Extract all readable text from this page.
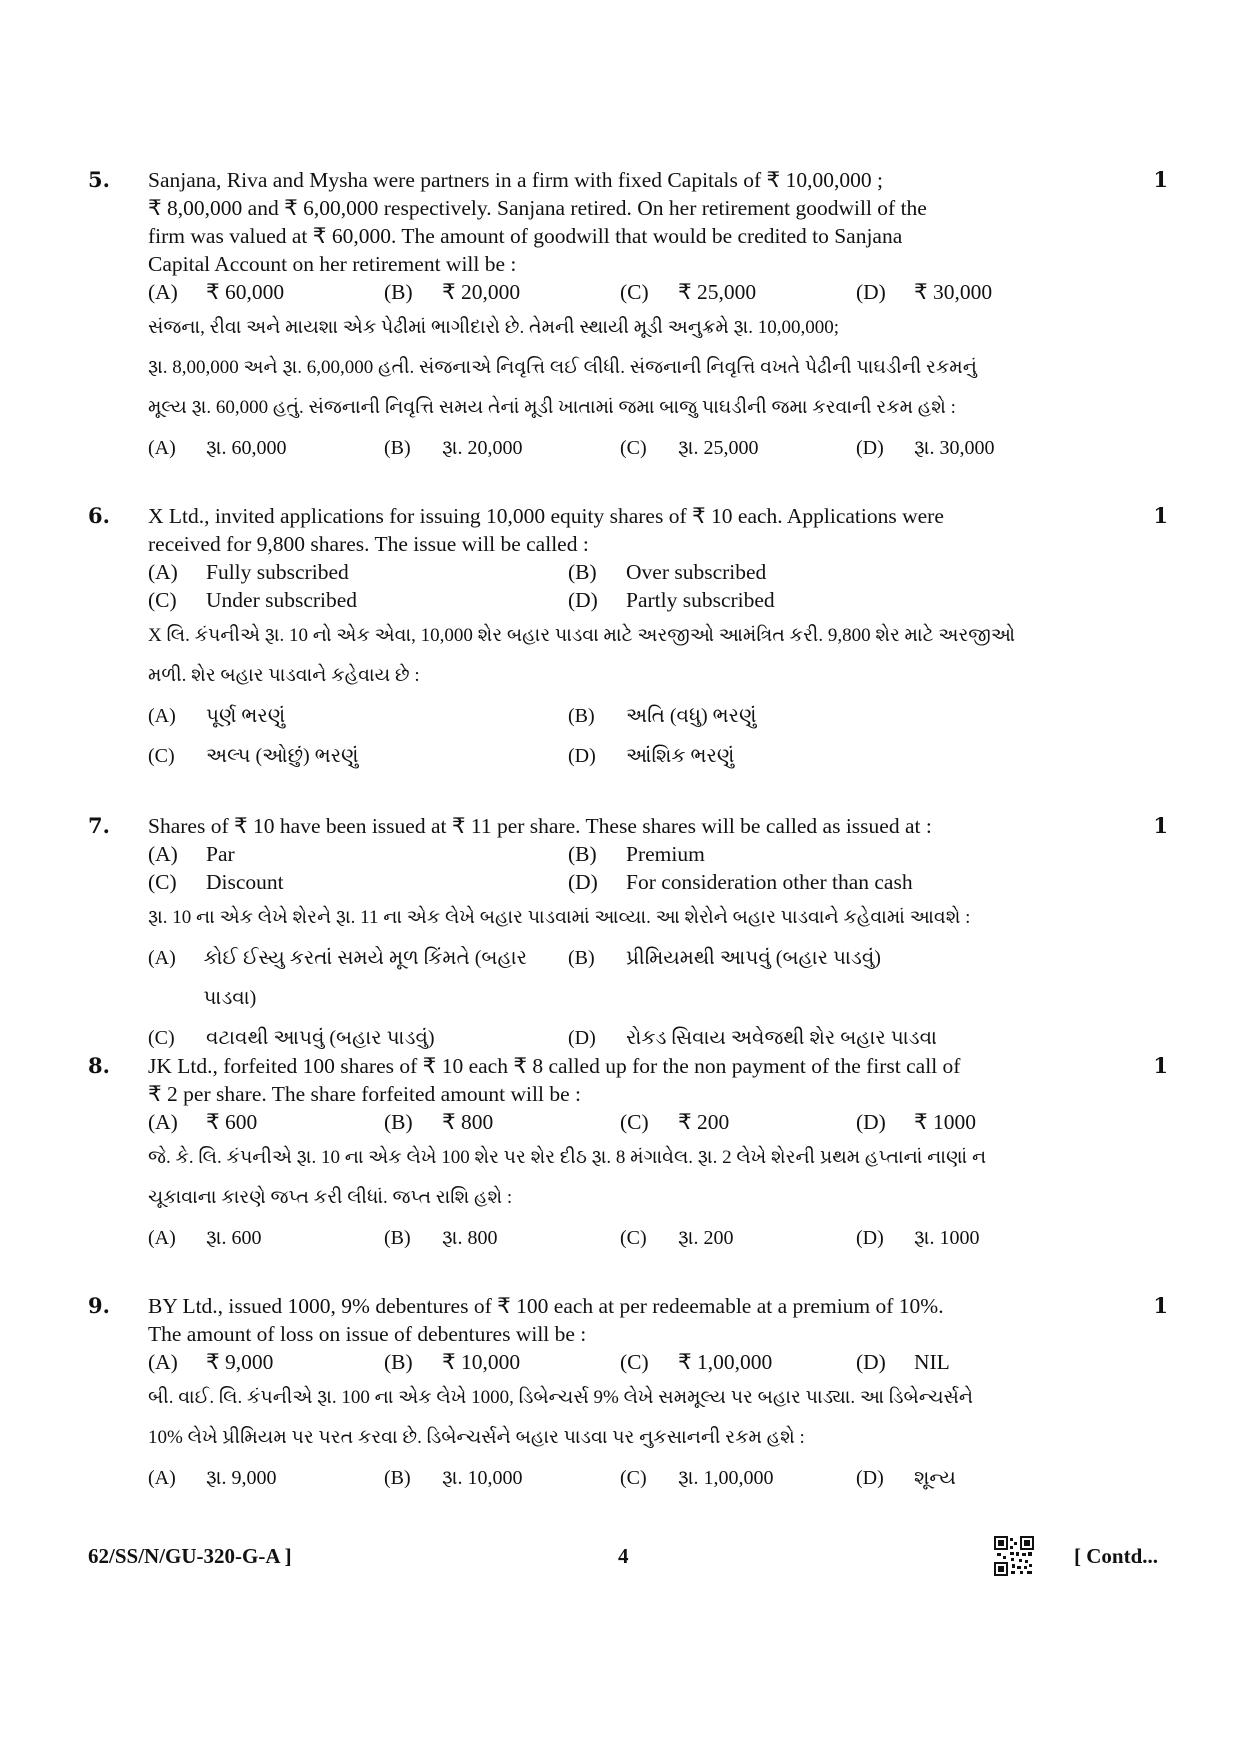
5.	1
Sanjana, Riva and Mysha were partners in a firm with fixed Capitals of ₹ 10,00,000 ;
₹ 8,00,000 and ₹ 6,00,000 respectively. Sanjana retired. On her retirement goodwill of the
firm was valued at ₹ 60,000. The amount of goodwill that would be credited to Sanjana
Capital Account on her retirement will be :
(A)	₹ 60,000	(B)	₹ 20,000	(C)	₹ 25,000	(D)	₹ 30,000
સંજના, રીવા અને માયશા એક પેઢીમાં ભાગીદારો છે. તેમની સ્થાયી મૂડી અનુક્રમે રૂા. 10,00,000;
રૂા. 8,00,000 અને રૂા. 6,00,000 હતી. સંજનાએ નિવૃત્તિ લઈ લીધી. સંજનાની નિવૃત્તિ વખતે પેઢીની પાઘડીની રકમનું
મૂલ્ય રૂા. 60,000 હતું. સંજનાની નિવૃત્તિ સમય તેનાં મૂડી ખાતામાં જમા બાજુ પાઘડીની જમા કરવાની રકમ હશે :
(A)	રૂા. 60,000	(B)	રૂા. 20,000	(C)	રૂા. 25,000	(D)	રૂા. 30,000
6.	1
X Ltd., invited applications for issuing 10,000 equity shares of ₹ 10 each. Applications were
received for 9,800 shares. The issue will be called :
(A)	Fully subscribed	(B)	Over subscribed
(C)	Under subscribed	(D)	Partly subscribed
X લિ. કંપનીએ રૂા. 10 નો એક એવા, 10,000 શેર બહાર પાડવા માટે અરજીઓ આમંત્રિત કરી. 9,800 શેર માટે અરજીઓ
મળી. શેર બહાર પાડવાને કહેવાય છે :
(A)	પૂર્ણ ભરણું	(B)	અતિ (વધુ) ભરણું
(C)	અલ્પ (ઓછું) ભરણું	(D)	આંશિક ભરણું
7.	1
Shares of ₹ 10 have been issued at ₹ 11 per share. These shares will be called as issued at :
(A)	Par	(B)	Premium
(C)	Discount	(D)	For consideration other than cash
રૂા. 10 ના એક લેખે શેરને રૂા. 11 ના એક લેખે બહાર પાડવામાં આવ્યા. આ શેરોને બહાર પાડવાને કહેવામાં આવશે :
(A)	કોઈ ઈસ્યુ કરતાં સમયે મૂળ કિંમતે (બહાર પાડવા)
(B)	પ્રીમિયમથી આપવું (બહાર પાડવું)
(C)	વટાવથી આપવું (બહાર પાડવું)	(D)	રોકડ સિવાય અવેજથી શેર બહાર પાડવા
8.	1
JK Ltd., forfeited 100 shares of ₹ 10 each ₹ 8 called up for the non payment of the first call of
₹ 2 per share. The share forfeited amount will be :
(A)	₹ 600	(B)	₹ 800	(C)	₹ 200	(D)	₹ 1000
જે. કે. લિ. કંપનીએ રૂા. 10 ના એક લેખે 100 શેર પર શેર દીઠ રૂા. 8 મંગાવેલ. રૂા. 2 લેખે શેરની પ્રથમ હપ્તાનાં નાણાં ન
ચૂકાવાના કારણે જપ્ત કરી લીધાં. જપ્ત રાશિ હશે :
(A)	રૂા. 600	(B)	રૂા. 800	(C)	રૂા. 200	(D)	રૂા. 1000
9.	1
BY Ltd., issued 1000, 9% debentures of ₹ 100 each at per redeemable at a premium of 10%.
The amount of loss on issue of debentures will be :
(A)	₹ 9,000	(B)	₹ 10,000	(C)	₹ 1,00,000	(D)	NIL
બી. વાઈ. લિ. કંપનીએ રૂા. 100 ના એક લેખે 1000, ડિબેન્ચર્સ 9% લેખે સમમૂલ્ય પર બહાર પાડ્યા. આ ડિબેન્ચર્સને
10% લેખે પ્રીમિયમ પર પરત કરવા છે. ડિબેન્ચર્સને બહાર પાડવા પર નુકસાનની રકમ હશે :
(A)	રૂા. 9,000	(B)	રૂા. 10,000	(C)	રૂા. 1,00,000	(D)	શૂન્ય
62/SS/N/GU-320-G-A ]	4	[ Contd...
